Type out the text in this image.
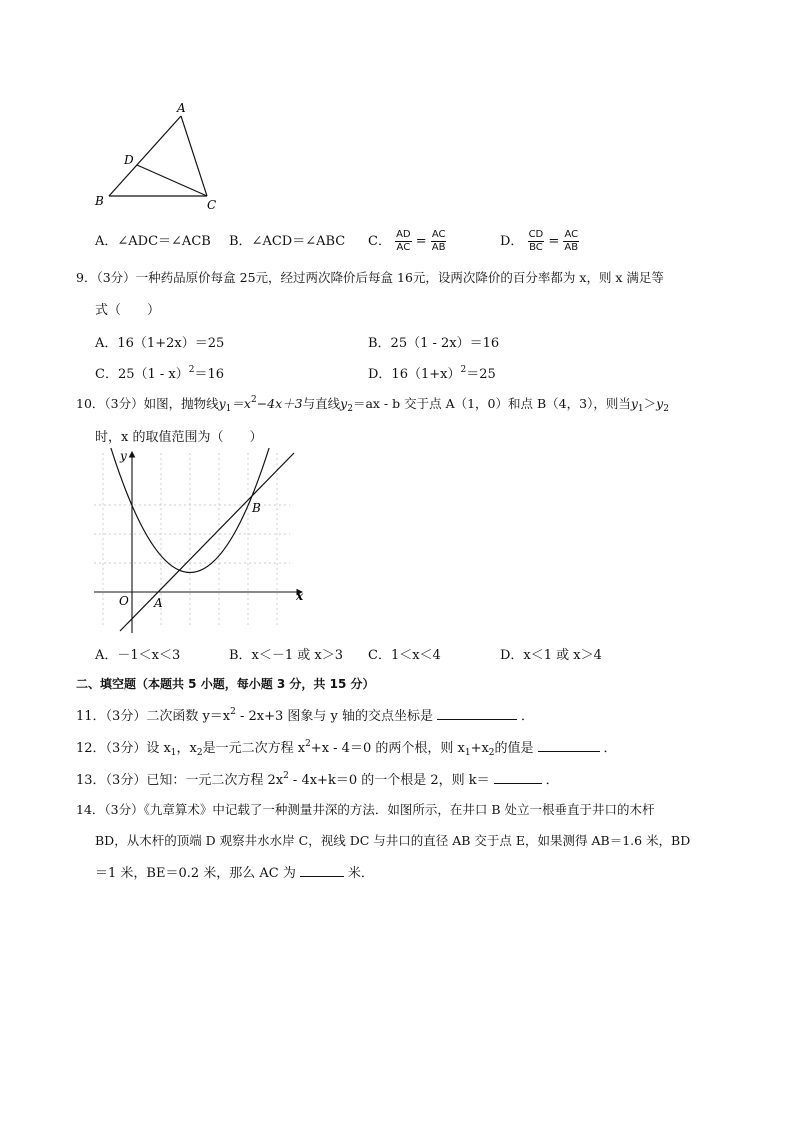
A
D
B	C
A．∠ADC＝∠ACB B．∠ACD＝∠ABC C． $\frac{AD}{AC} = \frac{AC}{AB}$	D． $\frac{CD}{BC} = \frac{AC}{AB}$
9．（3分）一种药品原价每盒 25元，经过两次降价后每盒 16元，设两次降价的百分率都为 x，则 x 满足等
式（　　）
A．16（1+2x）＝25	B．25（1 - 2x）＝16
C．25（1 - x）$^2$＝16	D．$16(1+x)^2=25$
10．（3分）如图，抛物线$y_1=x^2-4x+3$与直线$y_2=ax - b$ 交于点 A（1，0）和点 B（4，3），则当$y_1>y_2$
时，x 的取值范围为（　　）
y
x
O A
B
A．－1＜x＜3	B．x＜－1 或 x＞3 C．1＜x＜4	D．x＜1 或 x＞4
二、填空题（本题共 5 小题，每小题 3 分，共 15 分）
11．（3分）二次函数 $y=x^2 - 2x+3$ 图象与 y 轴的交点坐标是	．
12．（3分）设 $x_1$，$x_2$是一元二次方程 $x^2+x - 4=0$ 的两个根，则 $x_1+x_2$的值是	．
13．（3分）已知：一元二次方程 $2x^2 - 4x+k=0$ 的一个根是 2，则 k＝	．
14．（3分）《九章算术》中记载了一种测量井深的方法．如图所示，在井口 B 处立一根垂直于井口的木杆
BD，从木杆的顶端 D 观察井水水岸 C，视线 DC 与井口的直径 AB 交于点 E，如果测得 AB＝1.6 米，BD
＝1 米，BE＝0.2 米，那么 AC 为	米．
